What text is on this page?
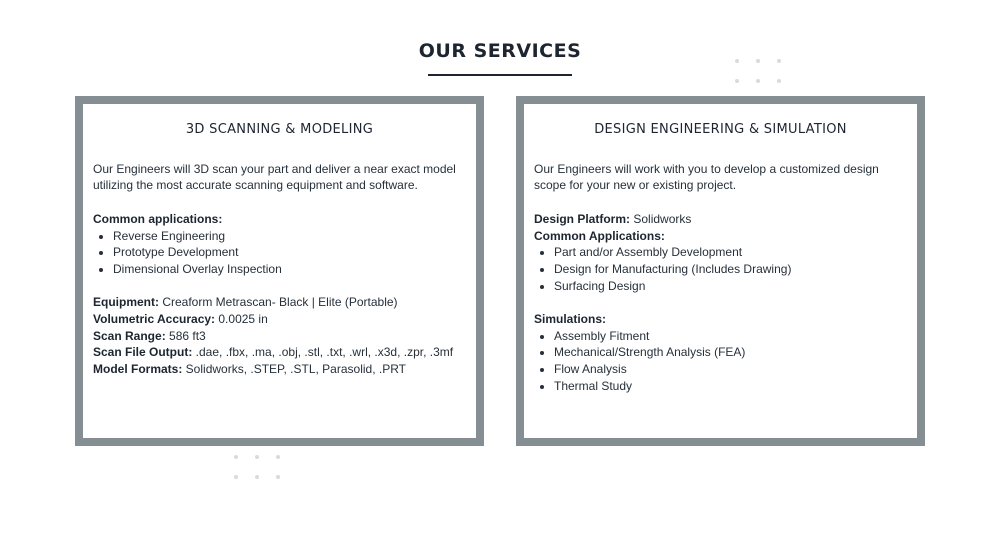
OUR SERVICES
3D SCANNING & MODELING

Our Engineers will 3D scan your part and deliver a near exact model utilizing the most accurate scanning equipment and software.

Common applications:

• Reverse Engineering
• Prototype Development
• Dimensional Overlay Inspection

Equipment: Creaform Metrascan- Black | Elite (Portable)

Volumetric Accuracy: 0.0025 in

Scan Range: 586 ft3

Scan File Output: .dae, .fbx, .ma, .obj, .stl, .txt, .wrl, .x3d, .zpr, .3mf

Model Formats: Solidworks, .STEP, .STL, Parasolid, .PRT

DESIGN ENGINEERING & SIMULATION

Our Engineers will work with you to develop a customized design scope for your new or existing project.

Design Platform: Solidworks

Common Applications:

• Part and/or Assembly Development
• Design for Manufacturing (Includes Drawing)
• Surfacing Design

Simulations:

• Assembly Fitment
• Mechanical/Strength Analysis (FEA)
• Flow Analysis
• Thermal Study
